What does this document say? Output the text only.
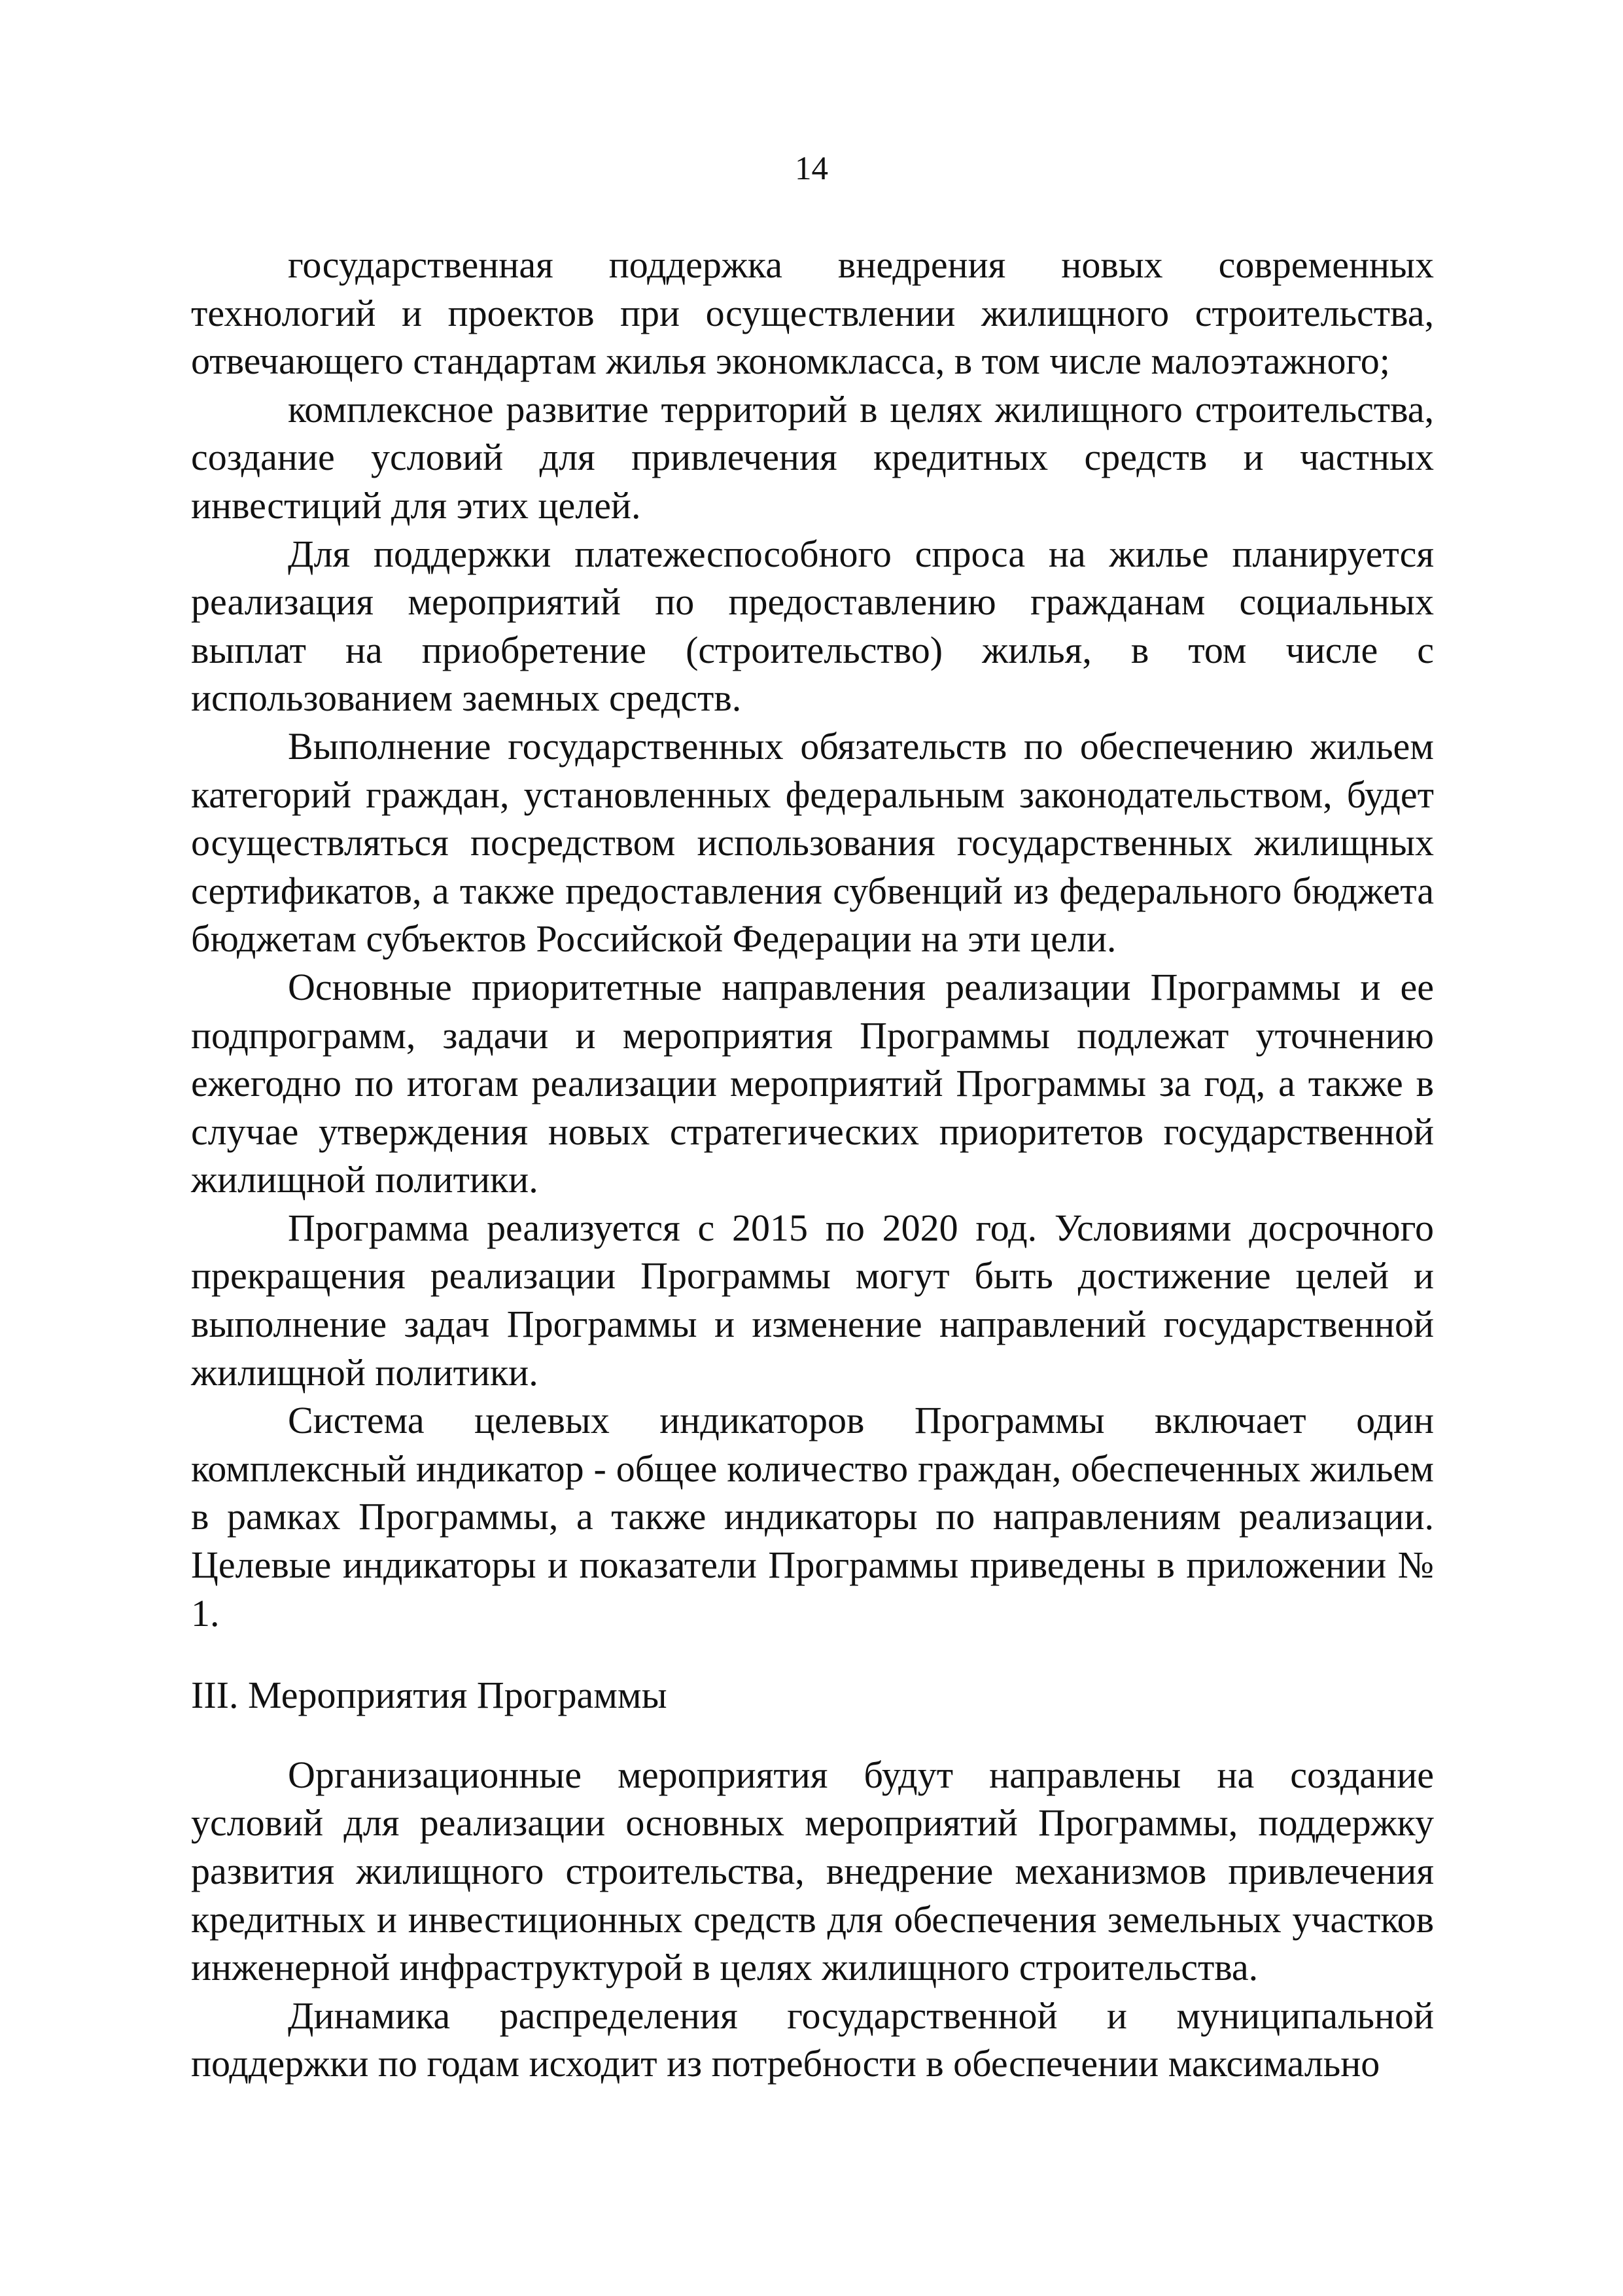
14

государственная поддержка внедрения новых современных технологий и проектов при осуществлении жилищного строительства, отвечающего стандартам жилья экономкласса, в том числе малоэтажного;

комплексное развитие территорий в целях жилищного строительства, создание условий для привлечения кредитных средств и частных инвестиций для этих целей.

Для поддержки платежеспособного спроса на жилье планируется реализация мероприятий по предоставлению гражданам социальных выплат на приобретение (строительство) жилья, в том числе с использованием заемных средств.

Выполнение государственных обязательств по обеспечению жильем категорий граждан, установленных федеральным законодательством, будет осуществляться посредством использования государственных жилищных сертификатов, а также предоставления субвенций из федерального бюджета бюджетам субъектов Российской Федерации на эти цели.

Основные приоритетные направления реализации Программы и ее подпрограмм, задачи и мероприятия Программы подлежат уточнению ежегодно по итогам реализации мероприятий Программы за год, а также в случае утверждения новых стратегических приоритетов государственной жилищной политики.

Программа реализуется с 2015 по 2020 год. Условиями досрочного прекращения реализации Программы могут быть достижение целей и выполнение задач Программы и изменение направлений государственной жилищной политики.

Система целевых индикаторов Программы включает один комплексный индикатор - общее количество граждан, обеспеченных жильем в рамках Программы, а также индикаторы по направлениям реализации. Целевые индикаторы и показатели Программы приведены в приложении № 1.

III. Мероприятия Программы

Организационные мероприятия будут направлены на создание условий для реализации основных мероприятий Программы, поддержку развития жилищного строительства, внедрение механизмов привлечения кредитных и инвестиционных средств для обеспечения земельных участков инженерной инфраструктурой в целях жилищного строительства.

Динамика распределения государственной и муниципальной поддержки по годам исходит из потребности в обеспечении максимально
